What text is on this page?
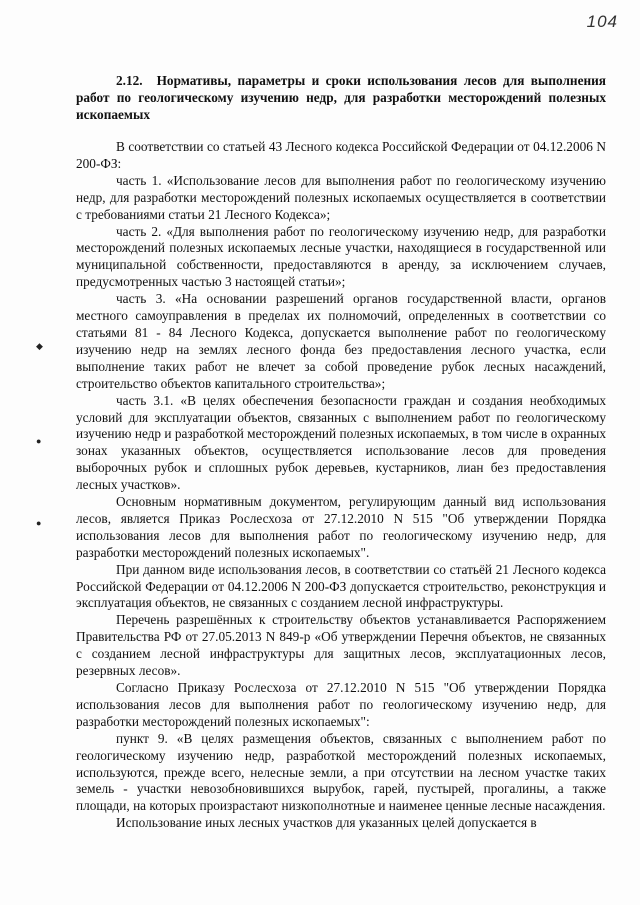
104
◆
●
●

2.12. Нормативы, параметры и сроки использования лесов для выполнения работ по геологическому изучению недр, для разработки месторождений полезных ископаемых

В соответствии со статьей 43 Лесного кодекса Российской Федерации от 04.12.2006 N 200-ФЗ:

часть 1. «Использование лесов для выполнения работ по геологическому изучению недр, для разработки месторождений полезных ископаемых осуществляется в соответствии с требованиями статьи 21 Лесного Кодекса»;

часть 2. «Для выполнения работ по геологическому изучению недр, для разработки месторождений полезных ископаемых лесные участки, находящиеся в государственной или муниципальной собственности, предоставляются в аренду, за исключением случаев, предусмотренных частью 3 настоящей статьи»;

часть 3. «На основании разрешений органов государственной власти, органов местного самоуправления в пределах их полномочий, определенных в соответствии со статьями 81 - 84 Лесного Кодекса, допускается выполнение работ по геологическому изучению недр на землях лесного фонда без предоставления лесного участка, если выполнение таких работ не влечет за собой проведение рубок лесных насаждений, строительство объектов капитального строительства»;

часть 3.1. «В целях обеспечения безопасности граждан и создания необходимых условий для эксплуатации объектов, связанных с выполнением работ по геологическому изучению недр и разработкой месторождений полезных ископаемых, в том числе в охранных зонах указанных объектов, осуществляется использование лесов для проведения выборочных рубок и сплошных рубок деревьев, кустарников, лиан без предоставления лесных участков».

Основным нормативным документом, регулирующим данный вид использования лесов, является Приказ Рослесхоза от 27.12.2010 N 515 "Об утверждении Порядка использования лесов для выполнения работ по геологическому изучению недр, для разработки месторождений полезных ископаемых".

При данном виде использования лесов, в соответствии со статьёй 21 Лесного кодекса Российской Федерации от 04.12.2006 N 200-ФЗ допускается строительство, реконструкция и эксплуатация объектов, не связанных с созданием лесной инфраструктуры.

Перечень разрешённых к строительству объектов устанавливается Распоряжением Правительства РФ от 27.05.2013 N 849-р «Об утверждении Перечня объектов, не связанных с созданием лесной инфраструктуры для защитных лесов, эксплуатационных лесов, резервных лесов».

Согласно Приказу Рослесхоза от 27.12.2010 N 515 "Об утверждении Порядка использования лесов для выполнения работ по геологическому изучению недр, для разработки месторождений полезных ископаемых":

пункт 9. «В целях размещения объектов, связанных с выполнением работ по геологическому изучению недр, разработкой месторождений полезных ископаемых, используются, прежде всего, нелесные земли, а при отсутствии на лесном участке таких земель - участки невозобновившихся вырубок, гарей, пустырей, прогалины, а также площади, на которых произрастают низкополнотные и наименее ценные лесные насаждения.

Использование иных лесных участков для указанных целей допускается в
